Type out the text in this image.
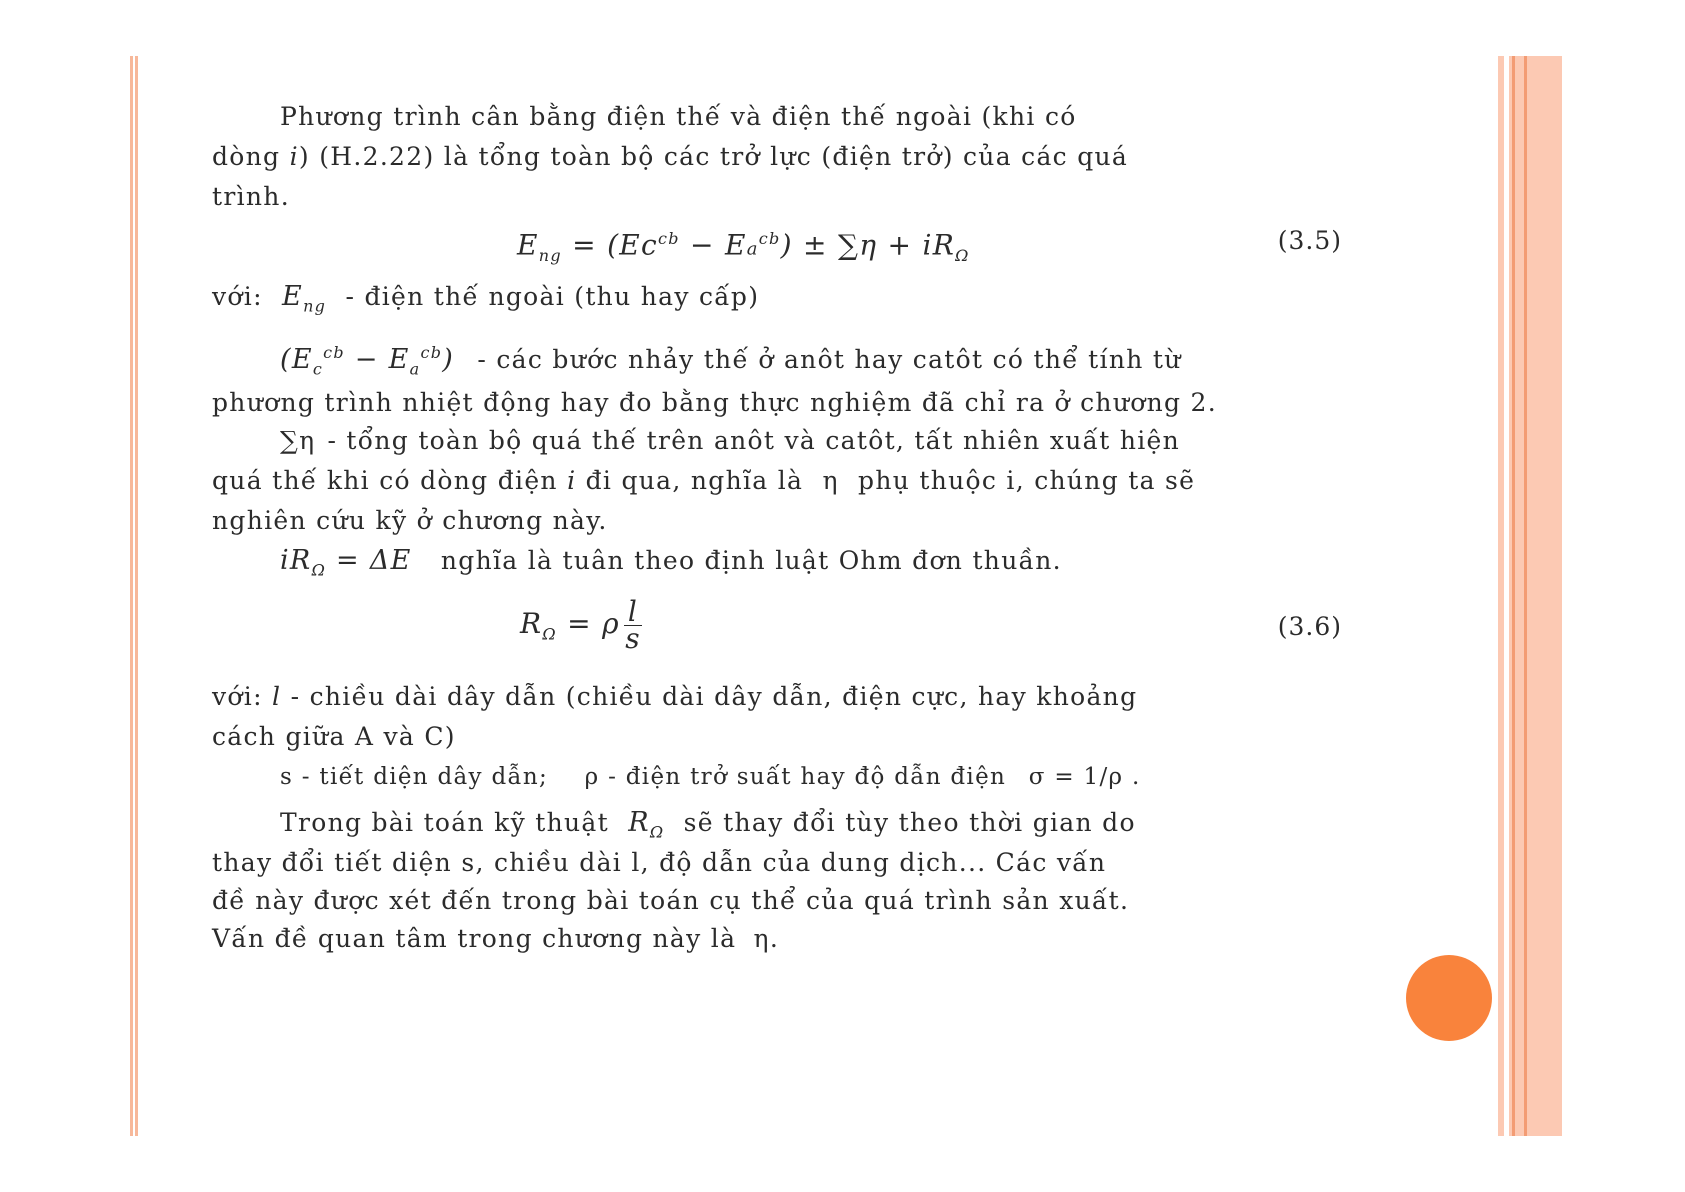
Phương trình cân bằng điện thế và điện thế ngoài (khi có
dòng i) (H.2.22) là tổng toàn bộ các trở lực (điện trở) của các quá
trình.
$E_{ng} = (Ec^{cb} - Ea^{cb}) \pm \sum\eta + iR_\Omega$
(3.5)
với: $E_{ng}$ - điện thế ngoài (thu hay cấp)
$(E_c^{cb} - E_a^{cb})$ - các bước nhảy thế ở anôt hay catôt có thể tính từ
phương trình nhiệt động hay đo bằng thực nghiệm đã chỉ ra ở chương 2.
∑η - tổng toàn bộ quá thế trên anôt và catôt, tất nhiên xuất hiện
quá thế khi có dòng điện i đi qua, nghĩa là η phụ thuộc i, chúng ta sẽ
nghiên cứu kỹ ở chương này.
$iR_\Omega = \Delta E$ nghĩa là tuân theo định luật Ohm đơn thuần.
$R_\Omega = \rho \frac{l}{s}$	(3.6)
với: l - chiều dài dây dẫn (chiều dài dây dẫn, điện cực, hay khoảng
cách giữa A và C)
s - tiết diện dây dẫn; ρ - điện trở suất hay độ dẫn điện σ = 1/ρ .
Trong bài toán kỹ thuật $R_\Omega$ sẽ thay đổi tùy theo thời gian do
thay đổi tiết diện s, chiều dài l, độ dẫn của dung dịch... Các vấn
đề này được xét đến trong bài toán cụ thể của quá trình sản xuất.
Vấn đề quan tâm trong chương này là η.
